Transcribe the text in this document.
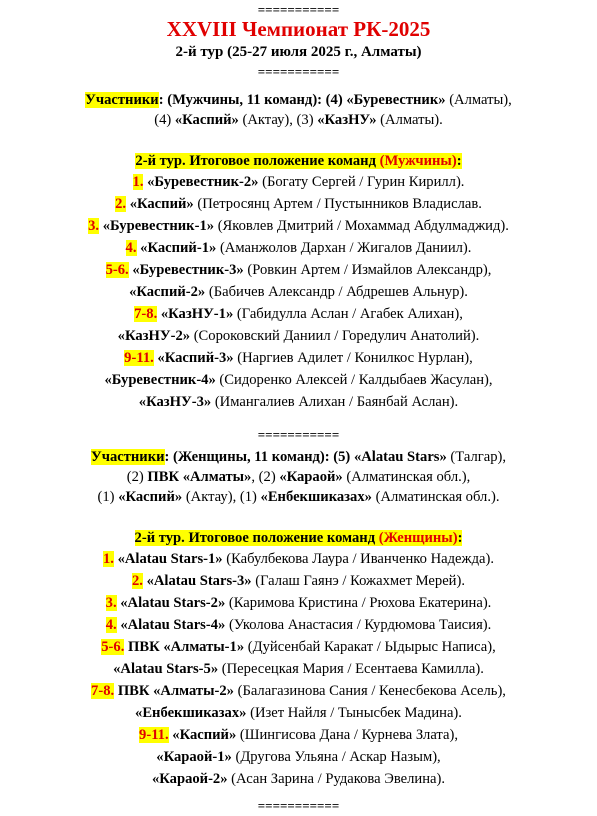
===========
XXVIII Чемпионат РК-2025
2-й тур (25-27 июля 2025 г., Алматы)
===========
Участники: (Мужчины, 11 команд): (4) «Буревестник» (Алматы),
(4) «Каспий» (Актау), (3) «КазНУ» (Алматы).
2-й тур. Итоговое положение команд (Мужчины):
1. «Буревестник-2» (Богату Сергей / Гурин Кирилл).
2. «Каспий» (Петросянц Артем / Пустынников Владислав.
3. «Буревестник-1» (Яковлев Дмитрий / Мохаммад Абдулмаджид).
4. «Каспий-1» (Аманжолов Дархан / Жигалов Даниил).
5-6. «Буревестник-3» (Ровкин Артем / Измайлов Александр),
«Каспий-2» (Бабичев Александр / Абдрешев Альнур).
7-8. «КазНУ-1» (Габидулла Аслан / Агабек Алихан),
«КазНУ-2» (Сороковский Даниил / Горедулич Анатолий).
9-11. «Каспий-3» (Наргиев Адилет / Конилкос Нурлан),
«Буревестник-4» (Сидоренко Алексей / Калдыбаев Жасулан),
«КазНУ-3» (Имангалиев Алихан / Баянбай Аслан).
===========
Участники: (Женщины, 11 команд): (5) «Alatau Stars» (Талгар),
(2) ПВК «Алматы», (2) «Караой» (Алматинская обл.),
(1) «Каспий» (Актау), (1) «Енбекшиказах» (Алматинская обл.).
2-й тур. Итоговое положение команд (Женщины):
1. «Alatau Stars-1» (Кабулбекова Лаура / Иванченко Надежда).
2. «Alatau Stars-3» (Галаш Гаянэ / Кожахмет Мерей).
3. «Alatau Stars-2» (Каримова Кристина / Рюхова Екатерина).
4. «Alatau Stars-4» (Уколова Анастасия / Курдюмова Таисия).
5-6. ПВК «Алматы-1» (Дуйсенбай Каракат / Ыдырыс Написа),
«Alatau Stars-5» (Пересецкая Мария / Есентаева Камилла).
7-8. ПВК «Алматы-2» (Балагазинова Сания / Кенесбекова Асель),
«Енбекшиказах» (Изет Найля / Тыныcбек Мадина).
9-11. «Каспий» (Шингисова Дана / Курнева Злата),
«Караой-1» (Другова Ульяна / Аскар Назым),
«Караой-2» (Асан Зарина / Рудакова Эвелина).
===========
